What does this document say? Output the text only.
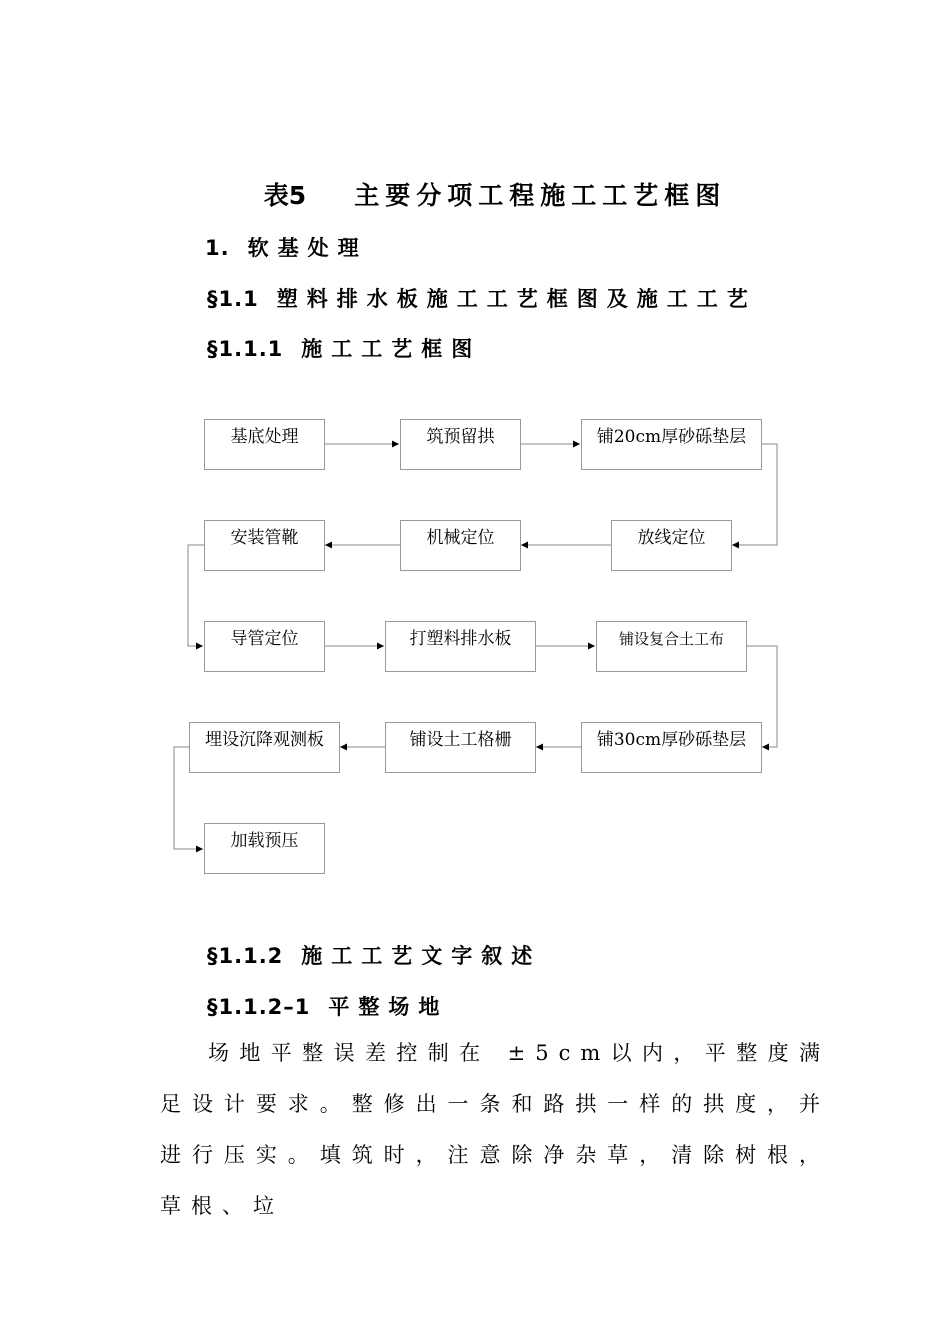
表5 主要分项工程施工工艺框图
1. 软基处理
§1.1 塑料排水板施工工艺框图及施工工艺
§1.1.1 施工工艺框图
基底处理	筑预留拱	铺20cm厚砂砾垫层
安装管靴	机械定位	放线定位
导管定位	打塑料排水板	铺设复合土工布
埋设沉降观测板	铺设土工格栅	铺30cm厚砂砾垫层
加载预压
§1.1.2 施工工艺文字叙述
§1.1.2–1 平整场地
场地平整误差控制在 ±5cm以内，平整度满足设计要求。整修出一条和路拱一样的拱度，并进行压实。填筑时，注意除净杂草，清除树根，草根、垃
